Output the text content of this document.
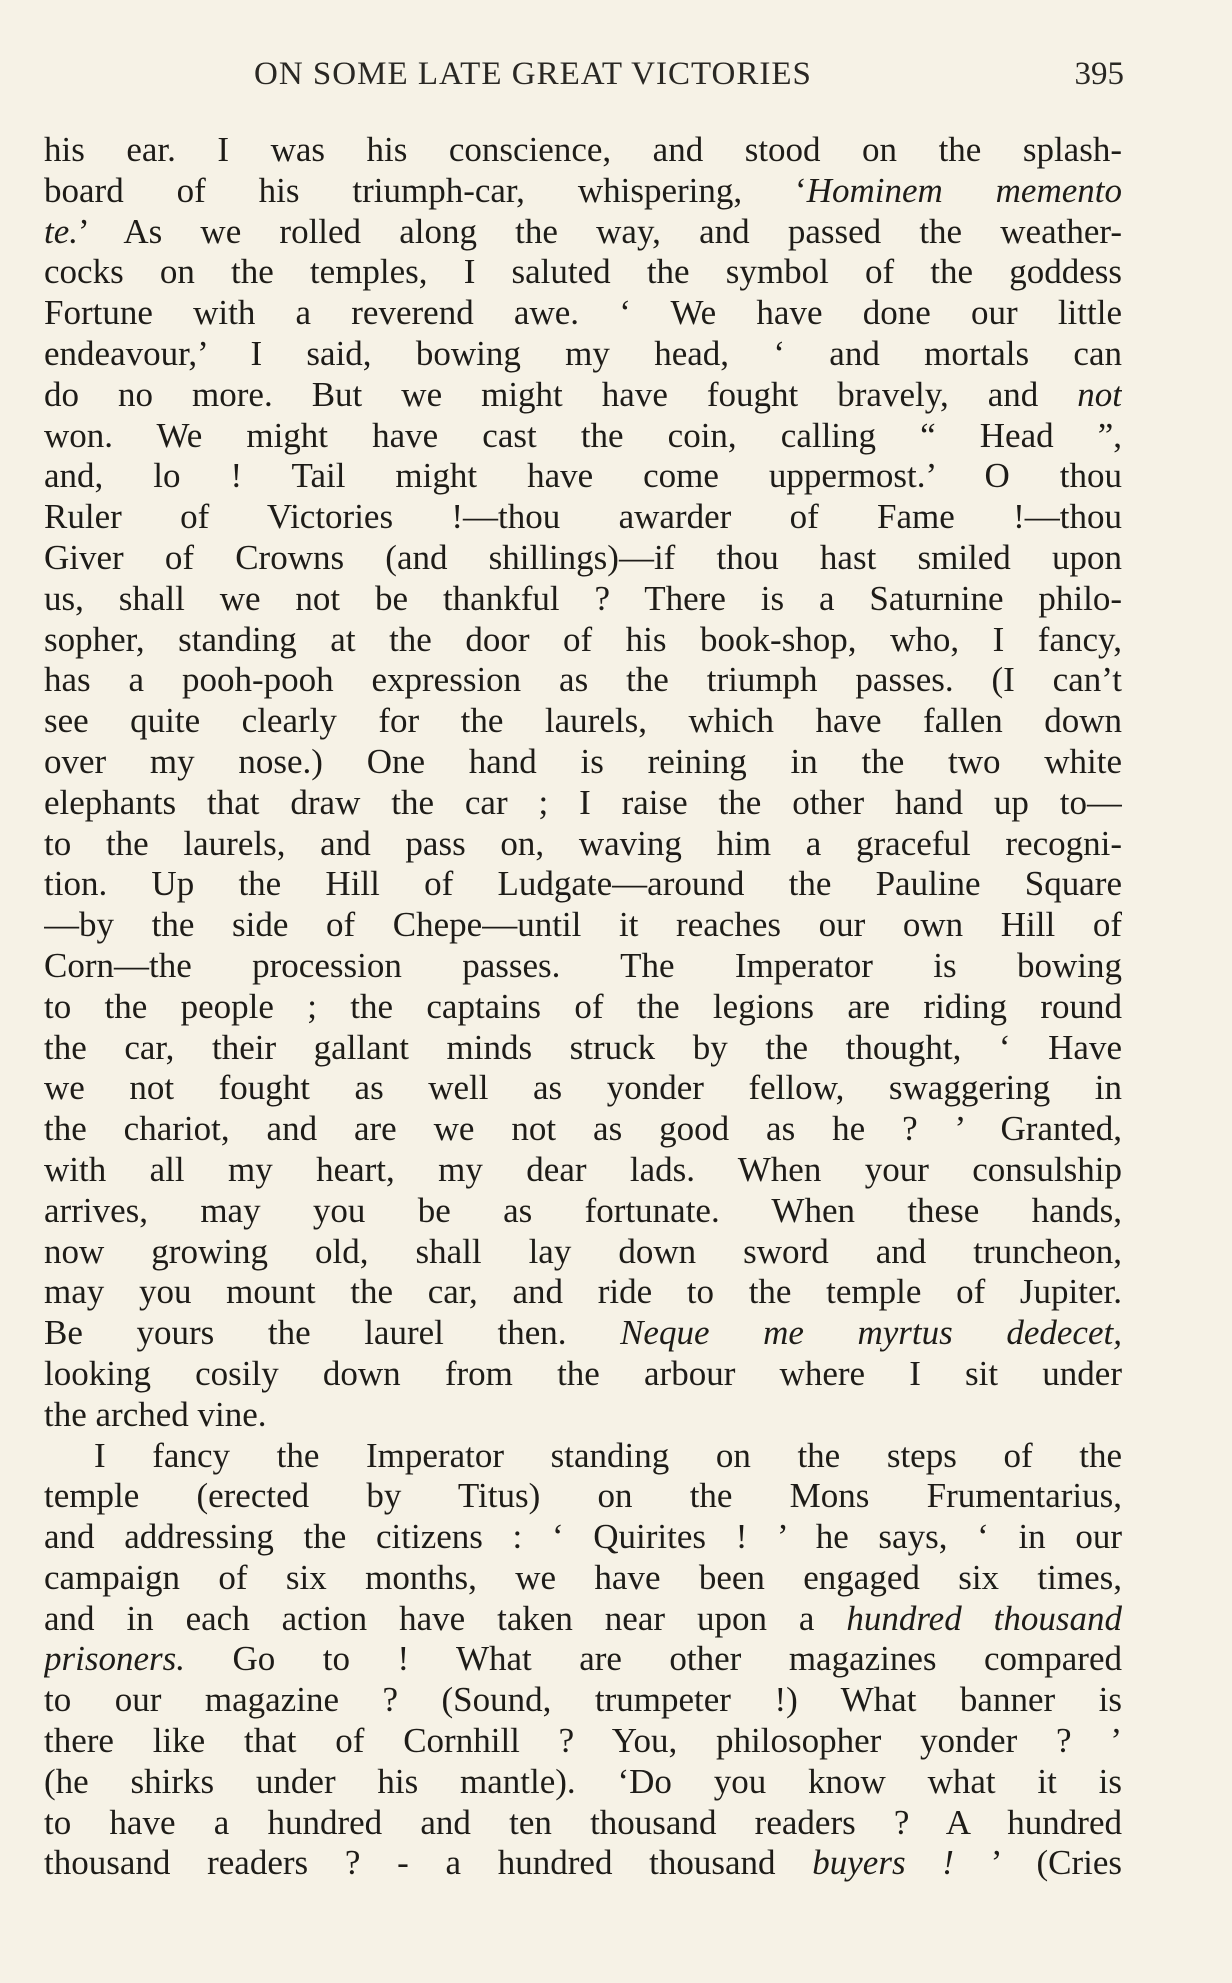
ON SOME LATE GREAT VICTORIES	395
his ear. I was his conscience, and stood on the splash-
board of his triumph-car, whispering, ‘Hominem memento
te.’ As we rolled along the way, and passed the weather-
cocks on the temples, I saluted the symbol of the goddess
Fortune with a reverend awe. ‘ We have done our little
endeavour,’ I said, bowing my head, ‘ and mortals can
do no more. But we might have fought bravely, and not
won. We might have cast the coin, calling “ Head ”,
and, lo ! Tail might have come uppermost.’ O thou
Ruler of Victories !—thou awarder of Fame !—thou
Giver of Crowns (and shillings)—if thou hast smiled upon
us, shall we not be thankful ? There is a Saturnine philo-
sopher, standing at the door of his book-shop, who, I fancy,
has a pooh-pooh expression as the triumph passes. (I can’t
see quite clearly for the laurels, which have fallen down
over my nose.) One hand is reining in the two white
elephants that draw the car ; I raise the other hand up to—
to the laurels, and pass on, waving him a graceful recogni-
tion. Up the Hill of Ludgate—around the Pauline Square
—by the side of Chepe—until it reaches our own Hill of
Corn—the procession passes. The Imperator is bowing
to the people ; the captains of the legions are riding round
the car, their gallant minds struck by the thought, ‘ Have
we not fought as well as yonder fellow, swaggering in
the chariot, and are we not as good as he ? ’ Granted,
with all my heart, my dear lads. When your consulship
arrives, may you be as fortunate. When these hands,
now growing old, shall lay down sword and truncheon,
may you mount the car, and ride to the temple of Jupiter.
Be yours the laurel then. Neque me myrtus dedecet,
looking cosily down from the arbour where I sit under
the arched vine.
I fancy the Imperator standing on the steps of the
temple (erected by Titus) on the Mons Frumentarius,
and addressing the citizens : ‘ Quirites ! ’ he says, ‘ in our
campaign of six months, we have been engaged six times,
and in each action have taken near upon a hundred thousand
prisoners. Go to ! What are other magazines compared
to our magazine ? (Sound, trumpeter !) What banner is
there like that of Cornhill ? You, philosopher yonder ? ’
(he shirks under his mantle). ‘Do you know what it is
to have a hundred and ten thousand readers ? A hundred
thousand readers ? - a hundred thousand buyers ! ’ (Cries
